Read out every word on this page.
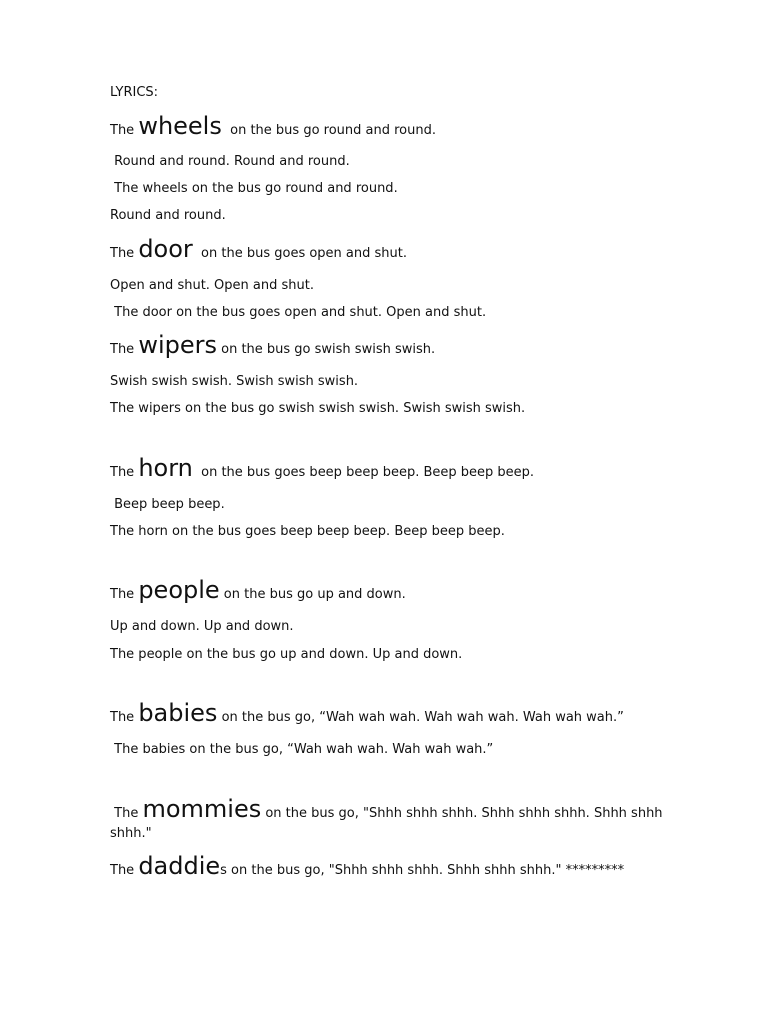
LYRICS:
The wheels  on the bus go round and round.
Round and round. Round and round.
The wheels on the bus go round and round.
Round and round.
The door  on the bus goes open and shut.
Open and shut. Open and shut.
The door on the bus goes open and shut. Open and shut.
The wipers on the bus go swish swish swish.
Swish swish swish. Swish swish swish.
The wipers on the bus go swish swish swish. Swish swish swish.
The horn  on the bus goes beep beep beep. Beep beep beep.
Beep beep beep.
The horn on the bus goes beep beep beep. Beep beep beep.
The people on the bus go up and down.
Up and down. Up and down.
The people on the bus go up and down. Up and down.
The babies on the bus go, “Wah wah wah. Wah wah wah. Wah wah wah.”
The babies on the bus go, “Wah wah wah. Wah wah wah.”
The mommies on the bus go, "Shhh shhh shhh. Shhh shhh shhh. Shhh shhh shhh."
The daddies on the bus go, "Shhh shhh shhh. Shhh shhh shhh." *********
